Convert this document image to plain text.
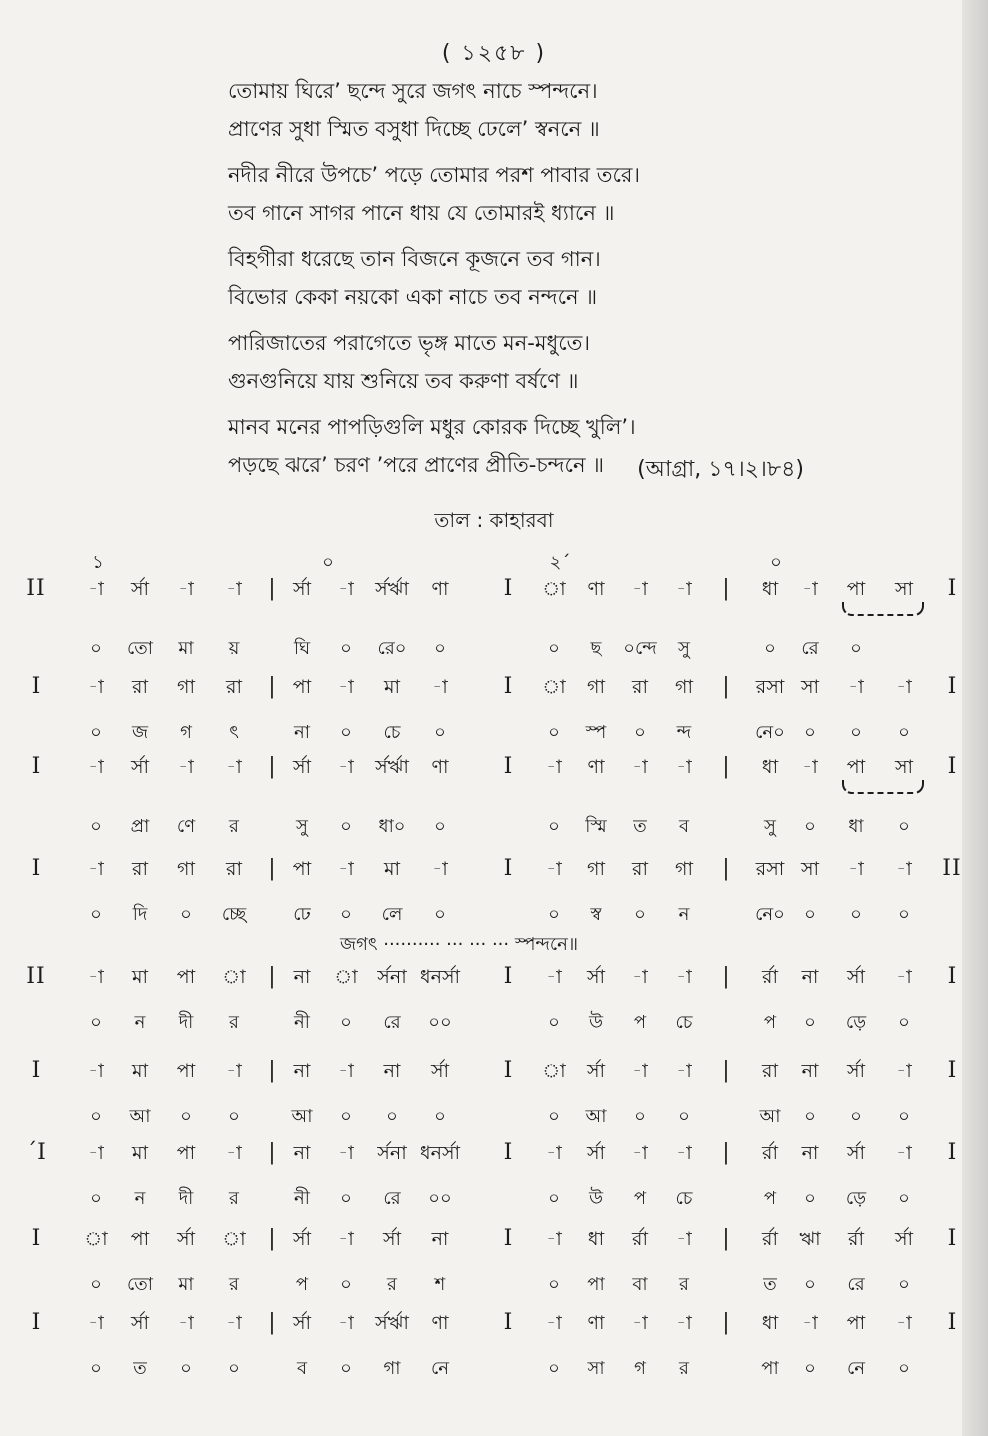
( ১২৫৮ )
তোমায় ঘিরে’ ছন্দে সুরে জগৎ নাচে স্পন্দনে।
প্রাণের সুধা স্মিত বসুধা দিচ্ছে ঢেলে’ স্বননে ॥
নদীর নীরে উপচে’ পড়ে তোমার পরশ পাবার তরে।
তব গানে সাগর পানে ধায় যে তোমারই ধ্যানে ॥
বিহগীরা ধরেছে তান বিজনে কূজনে তব গান।
বিভোর কেকা নয়কো একা নাচে তব নন্দনে ॥
পারিজাতের পরাগেতে ভৃঙ্গ মাতে মন-মধুতে।
গুনগুনিয়ে যায় শুনিয়ে তব করুণা বর্ষণে ॥
মানব মনের পাপড়িগুলি মধুর কোরক দিচ্ছে খুলি’।
পড়ছে ঝরে’ চরণ ’পরে প্রাণের প্রীতি-চন্দনে ॥	(আগ্রা, ১৭।২।৮৪)
তাল : কাহারবা
১	০	২´	০
II	|	I	|	I
-া র্সা -া -া	র্সা -া র্সর্ঋা ণা	া ণা -া -া	ধা -া পা সা
০ তো মা য়	ঘি ০ রে০ ০	০ ছ ০ন্দে সু	০ রে ০
I	|	I	|	I
-া রা গা রা	পা -া মা -া	া গা রা গা	রসা সা -া -া
০ জ গ ৎ	না ০ চে ০	০ স্প ০ ন্দ	নে০ ০ ০ ০
I	|	I	|	I
-া র্সা -া -া	র্সা -া র্সর্ঋা ণা	-া ণা -া -া	ধা -া পা সা
০ প্রা ণে র	সু ০ ধা০ ০	০ স্মি ত ব	সু ০ ধা ০
I	|	I	|	II
-া রা গা রা	পা -া মা -া	-া গা রা গা	রসা সা -া -া
০ দি ০ চ্ছে	ঢে ০ লে ০	০ স্ব ০ ন	নে০ ০ ০ ০
II	|	I	|	I
-া মা পা া	না া র্সনা ধনর্সা	-া র্সা -া -া	র্রা না র্সা -া
০ ন দী র	নী ০ রে ০০	০ উ প চে	প ০ ড়ে ০
I	|	I	|	I
-া মা পা -া	না -া না র্সা	া র্সা -া -া	রা না র্সা -া
০ আ ০ ০	আ ০ ০ ০	০ আ ০ ০	আ ০ ০ ০
´I	|	I	|	I
-া মা পা -া	না -া র্সনা ধনর্সা	-া র্সা -া -া	র্রা না র্সা -া
০ ন দী র	নী ০ রে ০০	০ উ প চে	প ০ ড়ে ০
I	|	I	|	I
া পা র্সা া র্সা -া র্সা না	-া ধা র্রা -া	র্রা ঋা র্রা র্সা
০ তো মা র	প ০ র শ	০ পা বা র	ত ০ রে ০
I	|	I	|	I
-া র্সা -া -া	র্সা -া র্সর্ঋা ণা	-া ণা -া -া	ধা -া পা -া
০ ত ০ ০	ব ০ গা নে	০ সা গ র	পা ০ নে ০
জগৎ ·········· ··· ··· ··· স্পন্দনে॥
